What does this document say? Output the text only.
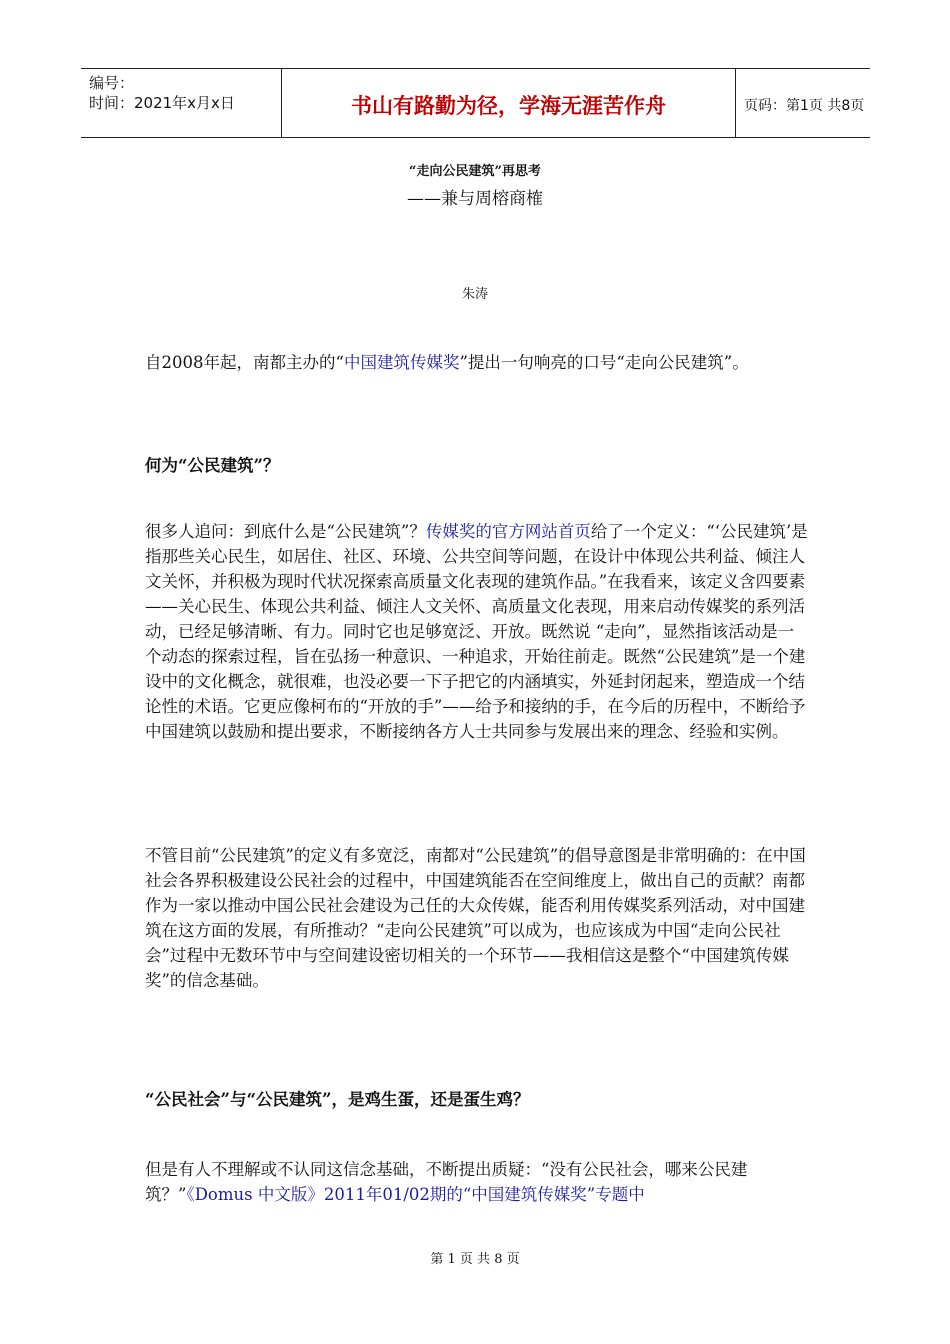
编号：
时间：2021年x月x日	书山有路勤为径，学海无涯苦作舟	页码：第1页 共8页
“走向公民建筑”再思考
——兼与周榕商榷
朱涛

自2008年起，南都主办的“中国建筑传媒奖”提出一句响亮的口号“走向公民建筑”。

何为“公民建筑”？

很多人追问：到底什么是“公民建筑”？传媒奖的官方网站首页给了一个定义：“‘公民建筑’是指那些关心民生，如居住、社区、环境、公共空间等问题，在设计中体现公共利益、倾注人文关怀，并积极为现时代状况探索高质量文化表现的建筑作品。”在我看来，该定义含四要素——关心民生、体现公共利益、倾注人文关怀、高质量文化表现，用来启动传媒奖的系列活动，已经足够清晰、有力。同时它也足够宽泛、开放。既然说 “走向”，显然指该活动是一个动态的探索过程，旨在弘扬一种意识、一种追求，开始往前走。既然“公民建筑”是一个建设中的文化概念，就很难，也没必要一下子把它的内涵填实，外延封闭起来，塑造成一个结论性的术语。它更应像柯布的“开放的手”——给予和接纳的手，在今后的历程中，不断给予中国建筑以鼓励和提出要求，不断接纳各方人士共同参与发展出来的理念、经验和实例。

不管目前“公民建筑”的定义有多宽泛，南都对“公民建筑”的倡导意图是非常明确的：在中国社会各界积极建设公民社会的过程中，中国建筑能否在空间维度上，做出自己的贡献？南都作为一家以推动中国公民社会建设为己任的大众传媒，能否利用传媒奖系列活动，对中国建筑在这方面的发展，有所推动？“走向公民建筑”可以成为，也应该成为中国“走向公民社会”过程中无数环节中与空间建设密切相关的一个环节——我相信这是整个“中国建筑传媒奖”的信念基础。

“公民社会”与“公民建筑”，是鸡生蛋，还是蛋生鸡？

但是有人不理解或不认同这信念基础，不断提出质疑：“没有公民社会，哪来公民建筑？”《Domus 中文版》2011年01/02期的“中国建筑传媒奖”专题中

第 1 页 共 8 页
